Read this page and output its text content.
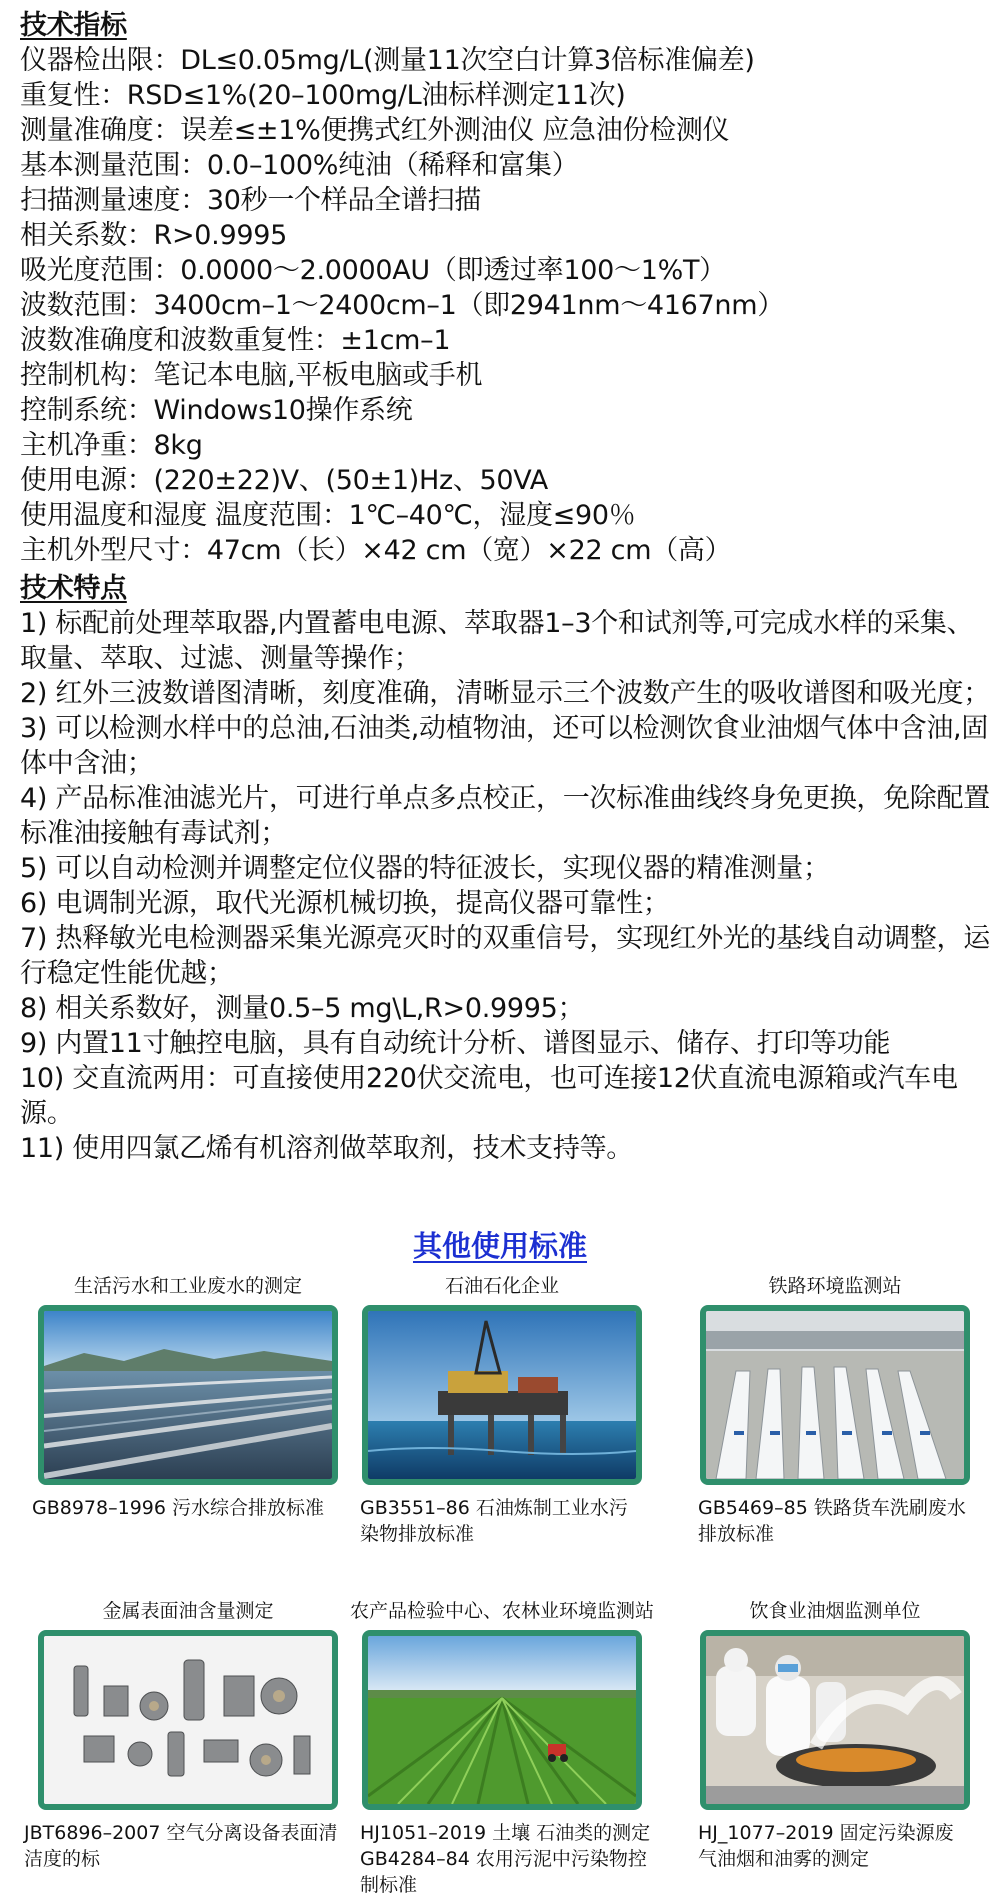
技术指标
仪器检出限：DL≤0.05mg/L(测量11次空白计算3倍标准偏差)
重复性：RSD≤1%(20–100mg/L油标样测定11次)
测量准确度：误差≤±1%便携式红外测油仪 应急油份检测仪
基本测量范围：0.0–100%纯油（稀释和富集）
扫描测量速度：30秒一个样品全谱扫描
相关系数：R>0.9995
吸光度范围：0.0000～2.0000AU（即透过率100～1%T）
波数范围：3400cm–1～2400cm–1（即2941nm～4167nm）
波数准确度和波数重复性：±1cm–1
控制机构：笔记本电脑,平板电脑或手机
控制系统：Windows10操作系统
主机净重：8kg
使用电源：(220±22)V、(50±1)Hz、50VA
使用温度和湿度 温度范围：1℃–40℃，湿度≤90％
主机外型尺寸：47cm（长）×42 cm（宽）×22 cm（高）
技术特点
1) 标配前处理萃取器,内置蓄电电源、萃取器1–3个和试剂等,可完成水样的采集、取量、萃取、过滤、测量等操作；
2) 红外三波数谱图清晰，刻度准确，清晰显示三个波数产生的吸收谱图和吸光度；
3) 可以检测水样中的总油,石油类,动植物油，还可以检测饮食业油烟气体中含油,固体中含油；
4) 产品标准油滤光片，可进行单点多点校正，一次标准曲线终身免更换，免除配置标准油接触有毒试剂；
5) 可以自动检测并调整定位仪器的特征波长，实现仪器的精准测量；
6) 电调制光源，取代光源机械切换，提高仪器可靠性；
7) 热释敏光电检测器采集光源亮灭时的双重信号，实现红外光的基线自动调整，运行稳定性能优越；
8) 相关系数好，测量0.5–5 mg\L,R>0.9995；
9) 内置11寸触控电脑，具有自动统计分析、谱图显示、储存、打印等功能
10) 交直流两用：可直接使用220伏交流电，也可连接12伏直流电源箱或汽车电源。
11) 使用四氯乙烯有机溶剂做萃取剂，技术支持等。
其他使用标准
生活污水和工业废水的测定
GB8978–1996 污水综合排放标准
石油石化企业
GB3551–86 石油炼制工业水污染物排放标准
铁路环境监测站
GB5469–85 铁路货车洗刷废水排放标准
金属表面油含量测定
JBT6896–2007 空气分离设备表面清洁度的标
农产品检验中心、农林业环境监测站
HJ1051–2019 土壤 石油类的测定 GB4284–84 农用污泥中污染物控制标准
饮食业油烟监测单位
HJ_1077–2019 固定污染源废气油烟和油雾的测定
